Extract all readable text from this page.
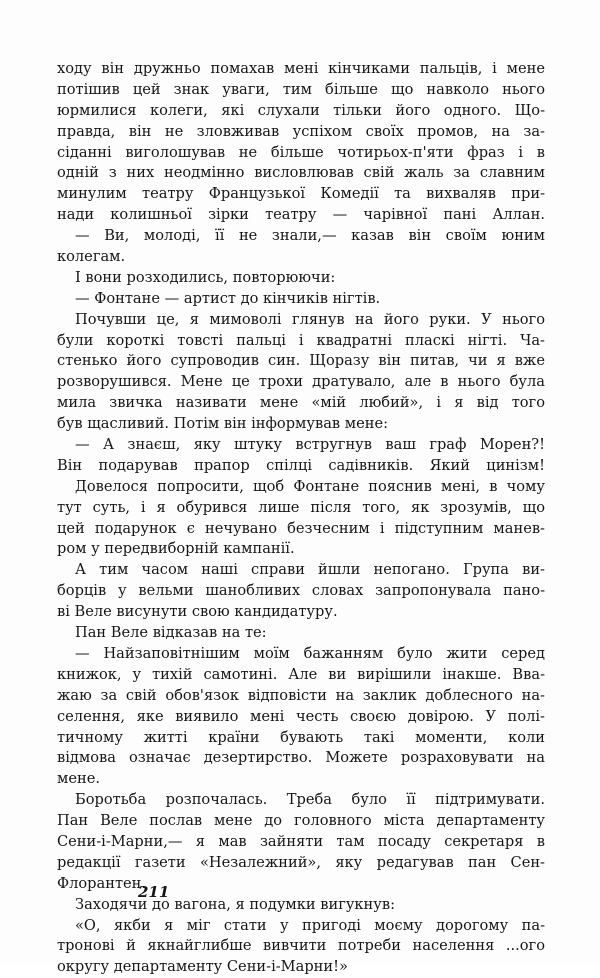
ходу він дружньо помахав мені кінчиками пальців, і мене
потішив цей знак уваги, тим більше що навколо нього
юрмилися колеги, які слухали тільки його одного. Що-
правда, він не зловживав успіхом своїх промов, на за-
сіданні виголошував не більше чотирьох-п'яти фраз і в
одній з них неодмінно висловлював свій жаль за славним
минулим театру Французької Комедії та вихваляв при-
нади колишньої зірки театру — чарівної пані Аллан.
— Ви, молоді, її не знали,— казав він своїм юним
колегам.
І вони розходились, повторюючи:
— Фонтане — артист до кінчиків нігтів.
Почувши це, я мимоволі глянув на його руки. У нього
були короткі товсті пальці і квадратні пласкі нігті. Ча-
стенько його супроводив син. Щоразу він питав, чи я вже
розворушився. Мене це трохи дратувало, але в нього була
мила звичка називати мене «мій любий», і я від того
був щасливий. Потім він інформував мене:
— А знаєш, яку штуку встругнув ваш граф Морен?!
Він подарував прапор спілці садівників. Який цинізм!
Довелося попросити, щоб Фонтане пояснив мені, в чому
тут суть, і я обурився лише після того, як зрозумів, що
цей подарунок є нечувано безчесним і підступним манев-
ром у передвиборній кампанії.
А тим часом наші справи йшли непогано. Група ви-
борців у вельми шанобливих словах запропонувала пано-
ві Веле висунути свою кандидатуру.
Пан Веле відказав на те:
— Найзаповітнішим моїм бажанням було жити серед
книжок, у тихій самотині. Але ви вирішили інакше. Вва-
жаю за свій обов'язок відповісти на заклик доблесного на-
селення, яке виявило мені честь своєю довірою. У полі-
тичному житті країни бувають такі моменти, коли
відмова означає дезертирство. Можете розраховувати на
мене.
Боротьба розпочалась. Треба було її підтримувати.
Пан Веле послав мене до головного міста департаменту
Сени-і-Марни,— я мав зайняти там посаду секретаря в
редакції газети «Незалежний», яку редагував пан Сен-
Флорантен.
Заходячи до вагона, я подумки вигукнув:
«О, якби я міг стати у пригоді моєму дорогому па-
тронові й якнайглибше вивчити потреби населення ...ого
округу департаменту Сени-і-Марни!»
211
